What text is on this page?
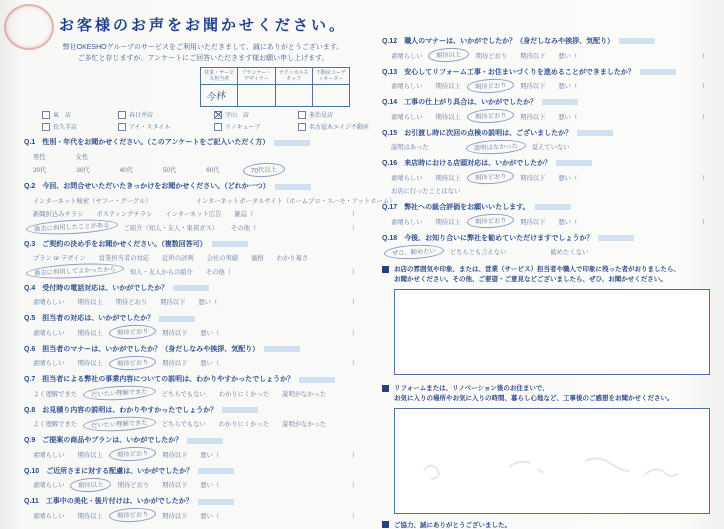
お客様のお声をお聞かせください。

弊社OKESHOグループのサービスをご利用いただきまして、誠にありがとうございます。
ご多忙と存じますが、アンケートにご回答いただきます様お願い申し上げます。

営業・サービス担当者	プランナー・デザイナー	テクニカルスタッフ	不動産コーディネーター
今林			
東　店	春日井店	守山　店	多治見店
長久手店	アイ・スタイル	リノキューブ	名古屋木エイジ不動産
Q.1 性別・年代をお聞かせください。（このアンケートをご記入いただく方）
男性	女性
20代	30代	40代	50代	60代	70代以上
Q.2 今回、お問合せいただいたきっかけをお聞かせください。（どれか一つ）
インターネット検索（ヤフー・グーグル）	インターネットポータルサイト（ホームプロ・スーモ・アットホーム）
新聞折込みチラシ ポスティングチラシ インターネット広告 雑誌（	）
過去に利用したことがある	ご紹介（知人・友人・東邦ガス） その他（	）
Q.3 ご契約の決め手をお聞かせください。（複数回答可）
プラン or デザイン 営業担当者の対応 近所の評判 会社の実績 価格 わかり易さ
過去に利用してよかったから	知人・友人からの紹介 その他（	）
Q.4 受付時の電話対応は、いかがでしたか？
素晴らしい 期待以上 期待どおり 期待以下 悪い（	）
Q.5 担当者の対応は、いかがでしたか？
素晴らしい 期待以上	期待どおり	期待以下 悪い（	）
Q.6 担当者のマナーは、いかがでしたか？（身だしなみや挨拶、気配り）
素晴らしい 期待以上	期待どおり	期待以下 悪い（	）
Q.7 担当者による弊社の事業内容についての説明は、わかりやすかったでしょうか？
よく理解できた	だいたい理解できた	どちらでもない わかりにくかった 説明がなかった
Q.8 お見積り内容の説明は、わかりやすかったでしょうか？
よく理解できた	だいたい理解できた	どちらでもない わかりにくかった 説明がなかった
Q.9 ご提案の商品やプランは、いかがでしたか？
素晴らしい 期待以上	期待どおり	期待以下 悪い（	）
Q.10 ご近所さまに対する配慮は、いかがでしたか？
素晴らしい	期待以上	期待どおり 期待以下 悪い（	）
Q.11 工事中の美化・後片付けは、いかがでしたか？
素晴らしい 期待以上	期待どおり	期待以下 悪い（	）
Q.12 職人のマナーは、いかがでしたか？（身だしなみや挨拶、気配り）
素晴らしい	期待以上	期待どおり 期待以下 悪い（	）
Q.13 安心してリフォーム工事・お住まいづくりを進めることができましたか？
素晴らしい 期待以上	期待どおり	期待以下 悪い（	）
Q.14 工事の仕上がり具合は、いかがでしたか？
素晴らしい 期待以上	期待どおり	期待以下 悪い（	）
Q.15 お引渡し時に次回の点検の説明は、ございましたか？
説明はあった	説明はなかった	覚えていない
Q.16 来店時における店頭対応は、いかがでしたか？
素晴らしい 期待以上	期待どおり	期待以下 悪い（	）
お店に行ったことはない
Q.17 弊社への総合評価をお願いいたします。
素晴らしい 期待以上	期待どおり	期待以下 悪い（	）
Q.18 今後、お知り合いに弊社を勧めていただけますでしょうか？
ぜひ、勧めたい	どちらとも言えない	勧めたくない
お店の雰囲気や印象、または、営業（サービス）担当者や職人で印象に残った者がおりましたら、
お聞かせください。その他、ご要望・ご意見などございましたら、ぜひ、お聞かせください。
リフォームまたは、リノベーション後のお住まいで、
お気に入りの場所やお気に入りの時間、暮らし心地など、工事後のご感想をお聞かせください。
ご協力、誠にありがとうございました。
